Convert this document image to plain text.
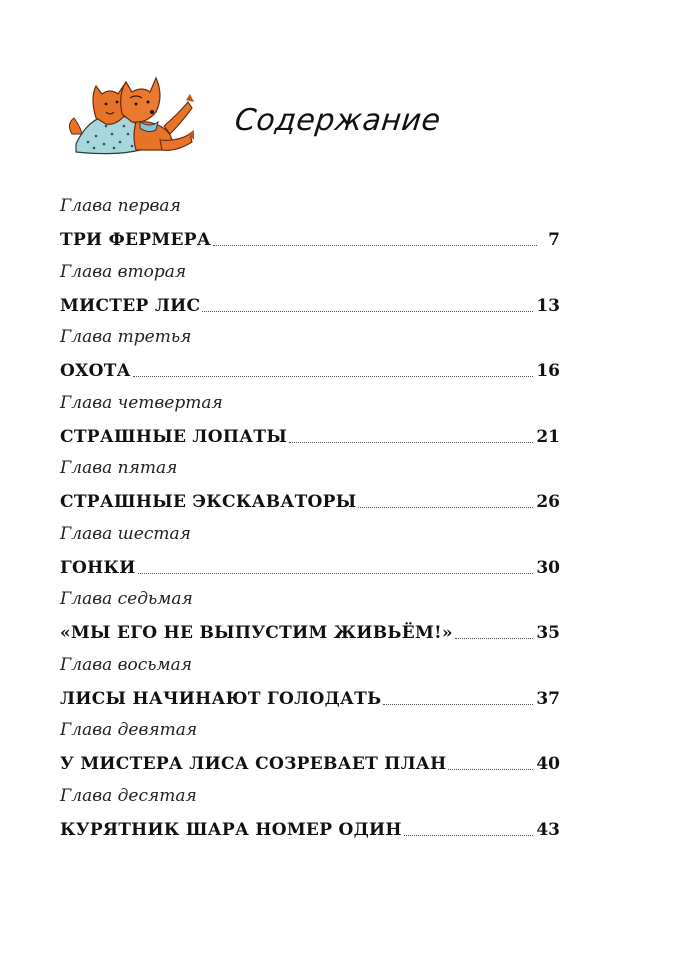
Содержание
Глава первая
ТРИ ФЕРМЕРА	7
Глава вторая
МИСТЕР ЛИС	13
Глава третья
ОХОТА	16
Глава четвертая
СТРАШНЫЕ ЛОПАТЫ	21
Глава пятая
СТРАШНЫЕ ЭКСКАВАТОРЫ	26
Глава шестая
ГОНКИ	30
Глава седьмая
«МЫ ЕГО НЕ ВЫПУСТИМ ЖИВЬЁМ!»	35
Глава восьмая
ЛИСЫ НАЧИНАЮТ ГОЛОДАТЬ	37
Глава девятая
У МИСТЕРА ЛИСА СОЗРЕВАЕТ ПЛАН	40
Глава десятая
КУРЯТНИК ШАРА НОМЕР ОДИН	43
